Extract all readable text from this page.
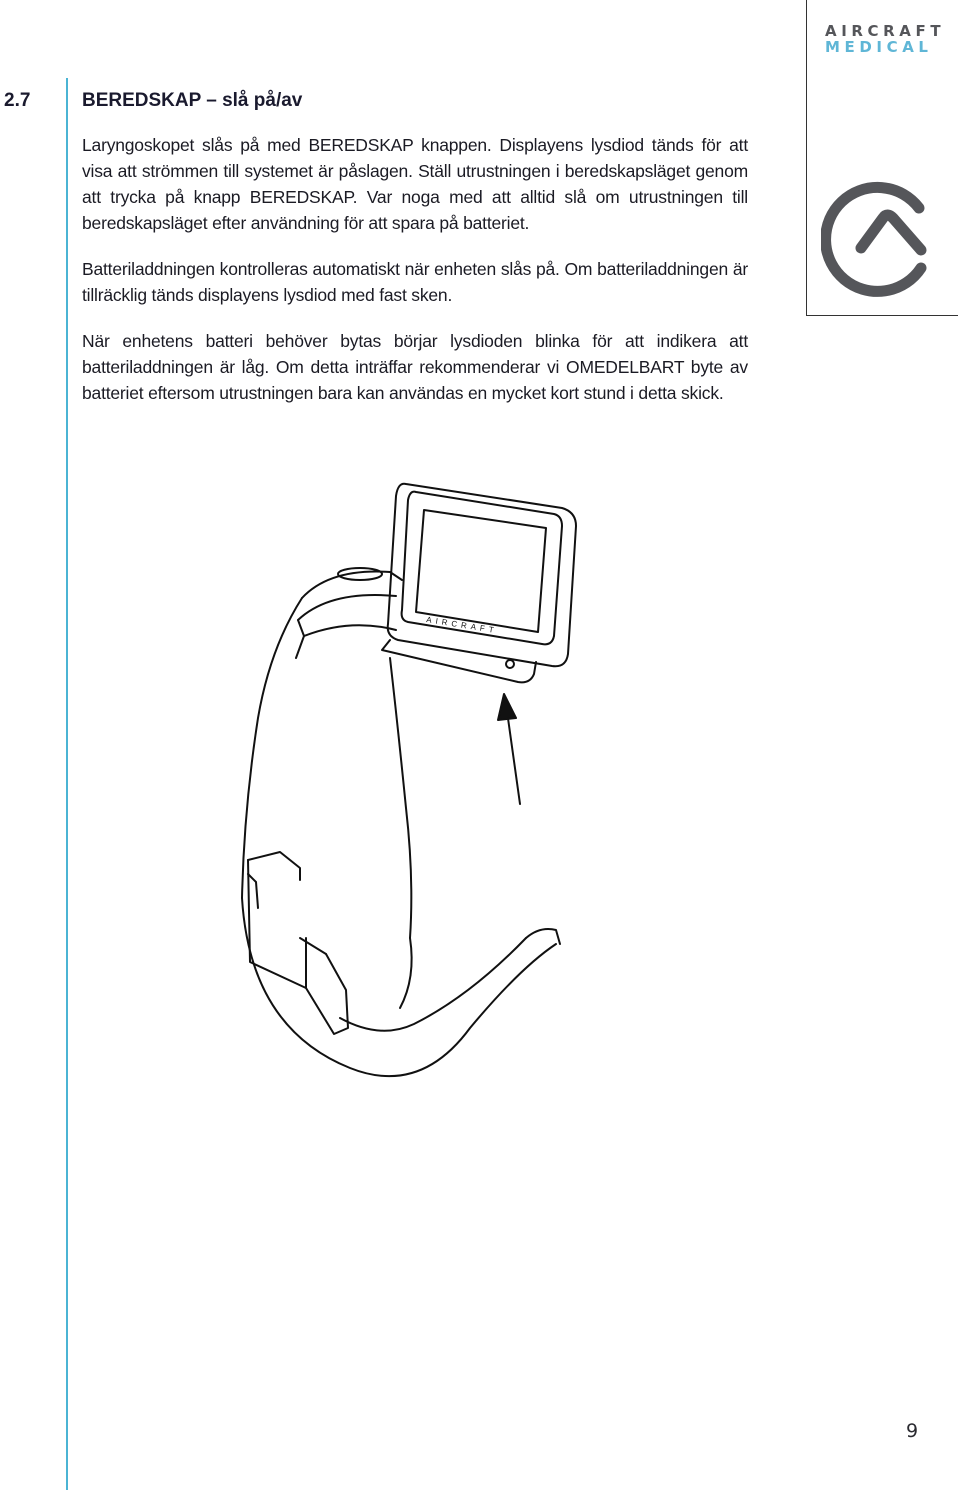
AIRCRAFT
MEDICAL
2.7	BEREDSKAP – slå på/av

Laryngoskopet slås på med BEREDSKAP knappen. Displayens lysdiod tänds för att visa att strömmen till systemet är påslagen. Ställ utrustningen i beredskapsläget genom att trycka på knapp BEREDSKAP. Var noga med att alltid slå om utrustningen till beredskapsläget efter användning för att spara på batteriet.

Batteriladdningen kontrolleras automatiskt när enheten slås på. Om batteriladdningen är tillräcklig tänds displayens lysdiod med fast sken.

När enhetens batteri behöver bytas börjar lysdioden blinka för att indikera att batteriladdningen är låg. Om detta inträffar rekommenderar vi OMEDELBART byte av batteriet eftersom utrustningen bara kan användas en mycket kort stund i detta skick.

AIRCRAFT
9
